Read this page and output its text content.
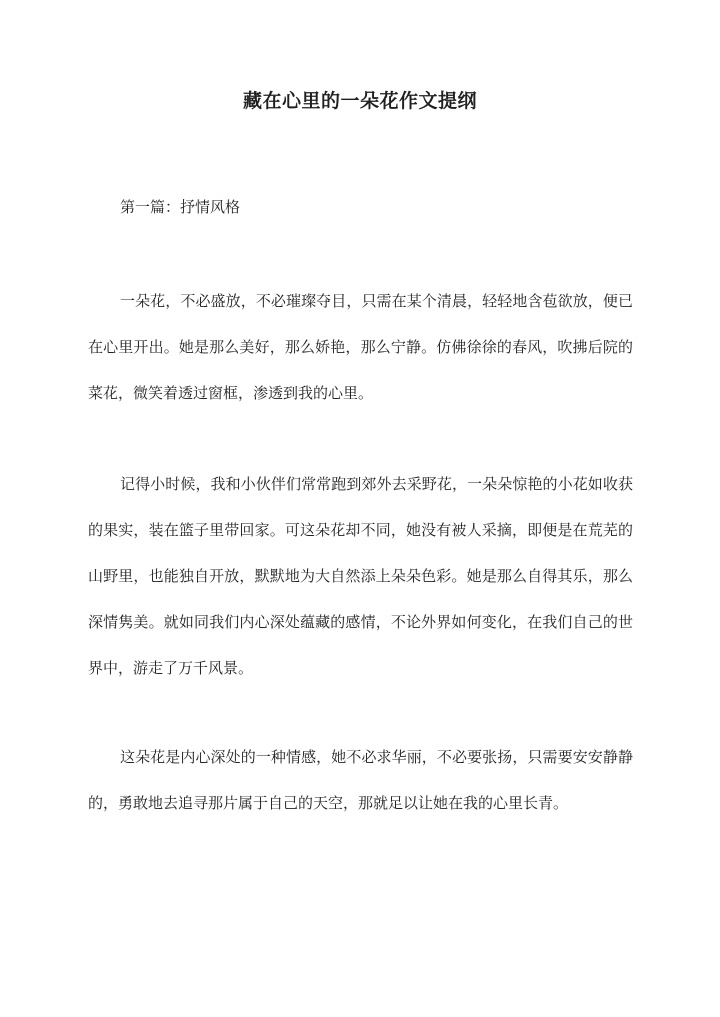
藏在心里的一朵花作文提纲

第一篇：抒情风格

一朵花，不必盛放，不必璀璨夺目，只需在某个清晨，轻轻地含苞欲放，便已在心里开出。她是那么美好，那么娇艳，那么宁静。仿佛徐徐的春风，吹拂后院的菜花，微笑着透过窗框，渗透到我的心里。

记得小时候，我和小伙伴们常常跑到郊外去采野花，一朵朵惊艳的小花如收获的果实，装在篮子里带回家。可这朵花却不同，她没有被人采摘，即便是在荒芜的山野里，也能独自开放，默默地为大自然添上朵朵色彩。她是那么自得其乐，那么深情隽美。就如同我们内心深处蕴藏的感情，不论外界如何变化，在我们自己的世界中，游走了万千风景。

这朵花是内心深处的一种情感，她不必求华丽，不必要张扬，只需要安安静静的，勇敢地去追寻那片属于自己的天空，那就足以让她在我的心里长青。
